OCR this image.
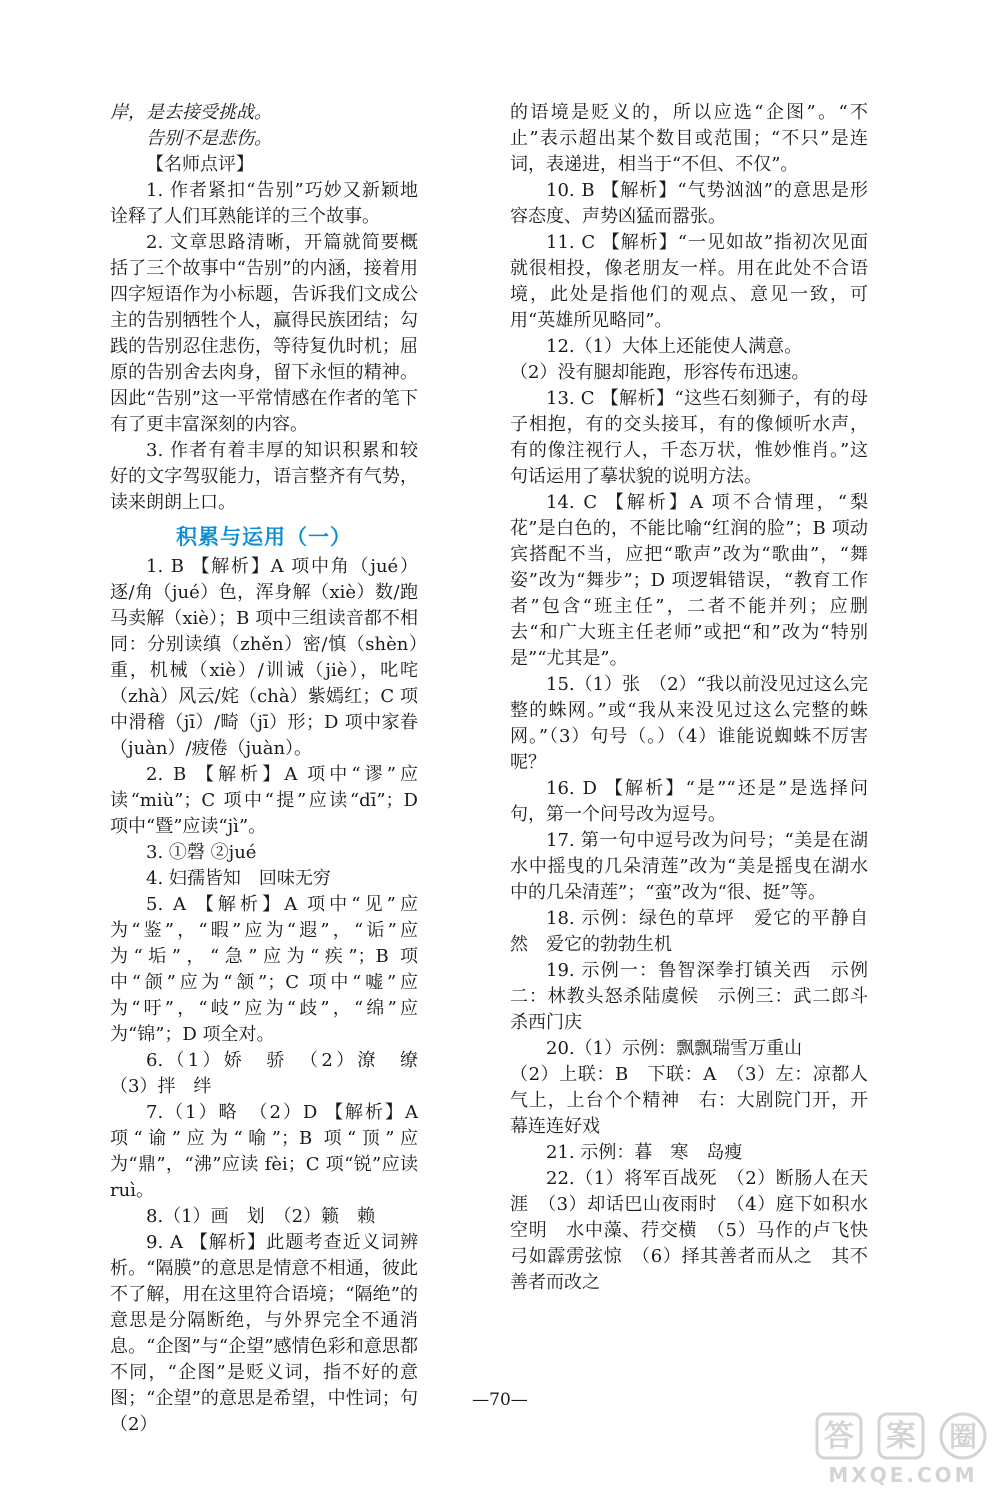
岸，是去接受挑战。

告别不是悲伤。

【名师点评】

1. 作者紧扣“告别”巧妙又新颖地诠释了人们耳熟能详的三个故事。

2. 文章思路清晰，开篇就简要概括了三个故事中“告别”的内涵，接着用四字短语作为小标题，告诉我们文成公主的告别牺牲个人，赢得民族团结；勾践的告别忍住悲伤，等待复仇时机；屈原的告别舍去肉身，留下永恒的精神。因此“告别”这一平常情感在作者的笔下有了更丰富深刻的内容。

3. 作者有着丰厚的知识积累和较好的文字驾驭能力，语言整齐有气势，读来朗朗上口。

积累与运用（一）

1. B 【解析】A 项中角（jué）逐/角（jué）色，浑身解（xiè）数/跑马卖解（xiè）；B 项中三组读音都不相同：分别读缜（zhěn）密/慎（shèn）重，机械（xiè）/训诫（jiè），叱咤（zhà）风云/姹（chà）紫嫣红；C 项中滑稽（jī）/畸（jī）形；D 项中家眷（juàn）/疲倦（juàn）。

2. B 【解析】A 项中“谬”应读“miù”；C 项中“提”应读“dī”；D 项中“暨”应读“jì”。

3. ①磬 ②jué

4. 妇孺皆知　回味无穷

5. A 【解析】A 项中“见”应为“鉴”，“暇”应为“遐”，“诟”应为“垢”，“急”应为“疾”；B 项中“颌”应为“颔”；C 项中“嘘”应为“吁”，“岐”应为“歧”，“绵”应为“锦”；D 项全对。

6.（1）娇　骄　（2）潦　缭　（3）拌　绊

7.（1）略　（2）D 【解析】A 项“谕”应为“喻”；B 项“顶”应为“鼎”，“沸”应读 fèi；C 项“锐”应读 ruì。

8.（1）画　划　（2）籁　赖

9. A 【解析】此题考查近义词辨析。“隔膜”的意思是情意不相通，彼此不了解，用在这里符合语境；“隔绝”的意思是分隔断绝，与外界完全不通消息。“企图”与“企望”感情色彩和意思都不同，“企图”是贬义词，指不好的意图；“企望”的意思是希望，中性词；句（2）

的语境是贬义的，所以应选“企图”。“不止”表示超出某个数目或范围；“不只”是连词，表递进，相当于“不但、不仅”。

10. B 【解析】“气势汹汹”的意思是形容态度、声势凶猛而嚣张。

11. C 【解析】“一见如故”指初次见面就很相投，像老朋友一样。用在此处不合语境，此处是指他们的观点、意见一致，可用“英雄所见略同”。

12.（1）大体上还能使人满意。

（2）没有腿却能跑，形容传布迅速。

13. C 【解析】“这些石刻狮子，有的母子相抱，有的交头接耳，有的像倾听水声，有的像注视行人，千态万状，惟妙惟肖。”这句话运用了摹状貌的说明方法。

14. C 【解析】A 项不合情理，“梨花”是白色的，不能比喻“红润的脸”；B 项动宾搭配不当，应把“歌声”改为“歌曲”，“舞姿”改为“舞步”；D 项逻辑错误，“教育工作者”包含“班主任”，二者不能并列；应删去“和广大班主任老师”或把“和”改为“特别是”“尤其是”。

15.（1）张　（2）“我以前没见过这么完整的蛛网。”或“我从来没见过这么完整的蛛网。”（3）句号（。）（4）谁能说蜘蛛不厉害呢？

16. D 【解析】“是”“还是”是选择问句，第一个问号改为逗号。

17. 第一句中逗号改为问号；“美是在湖水中摇曳的几朵清莲”改为“美是摇曳在湖水中的几朵清莲”；“蛮”改为“很、挺”等。

18. 示例：绿色的草坪　爱它的平静自然　爱它的勃勃生机

19. 示例一：鲁智深拳打镇关西　示例二：林教头怒杀陆虞候　示例三：武二郎斗杀西门庆

20.（1）示例：飘飘瑞雪万重山

（2）上联：B　下联：A　（3）左：凉都人气上，上台个个精神　右：大剧院门开，开幕连连好戏

21. 示例：暮　寒　岛瘦

22.（1）将军百战死　（2）断肠人在天涯　（3）却话巴山夜雨时　（4）庭下如积水空明　水中藻、荇交横　（5）马作的卢飞快　弓如霹雳弦惊　（6）择其善者而从之　其不善者而改之

—70—
答 案 圈
MXQE.COM
